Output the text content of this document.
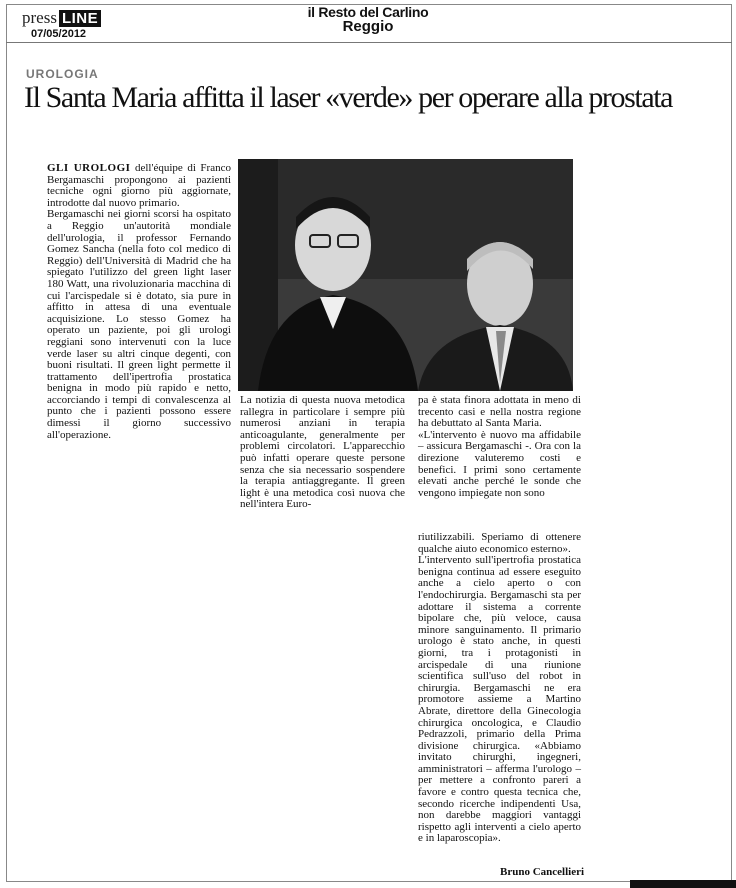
press LINE
07/05/2012
il Resto del Carlino
Reggio
UROLOGIA
Il Santa Maria affitta il laser «verde» per operare alla prostata

GLI UROLOGI dell'équipe di Franco Bergamaschi propongono ai pazienti tecniche ogni giorno più aggiornate, introdotte dal nuovo primario.

Bergamaschi nei giorni scorsi ha ospitato a Reggio un'autorità mondiale dell'urologia, il professor Fernando Gomez Sancha (nella foto col medico di Reggio) dell'Università di Madrid che ha spiegato l'utilizzo del green light laser 180 Watt, una rivoluzionaria macchina di cui l'arcispedale si è dotato, sia pure in affitto in attesa di una eventuale acquisizione. Lo stesso Gomez ha operato un paziente, poi gli urologi reggiani sono intervenuti con la luce verde laser su altri cinque degenti, con buoni risultati. Il green light permette il trattamento dell'ipertrofia prostatica benigna in modo più rapido e netto, accorciando i tempi di convalescenza al punto che i pazienti possono essere dimessi il giorno successivo all'operazione.

La notizia di questa nuova metodica rallegra in particolare i sempre più numerosi anziani in terapia anticoagulante, generalmente per problemi circolatori. L'apparecchio può infatti operare queste persone senza che sia necessario sospendere la terapia antiaggregante. Il green light è una metodica così nuova che nell'intera Euro-

pa è stata finora adottata in meno di trecento casi e nella nostra regione ha debuttato al Santa Maria.

«L'intervento è nuovo ma affidabile – assicura Bergamaschi -. Ora con la direzione valuteremo costi e benefici. I primi sono certamente elevati anche perché le sonde che vengono impiegate non sono

riutilizzabili. Speriamo di ottenere qualche aiuto economico esterno».

L'intervento sull'ipertrofia prostatica benigna continua ad essere eseguito anche a cielo aperto o con l'endochirurgia. Bergamaschi sta per adottare il sistema a corrente bipolare che, più veloce, causa minore sanguinamento. Il primario urologo è stato anche, in questi giorni, tra i protagonisti in arcispedale di una riunione scientifica sull'uso del robot in chirurgia. Bergamaschi ne era promotore assieme a Martino Abrate, direttore della Ginecologia chirurgica oncologica, e Claudio Pedrazzoli, primario della Prima divisione chirurgica. «Abbiamo invitato chirurghi, ingegneri, amministratori – afferma l'urologo – per mettere a confronto pareri a favore e contro questa tecnica che, secondo ricerche indipendenti Usa, non darebbe maggiori vantaggi rispetto agli interventi a cielo aperto e in laparoscopia».

Bruno Cancellieri
